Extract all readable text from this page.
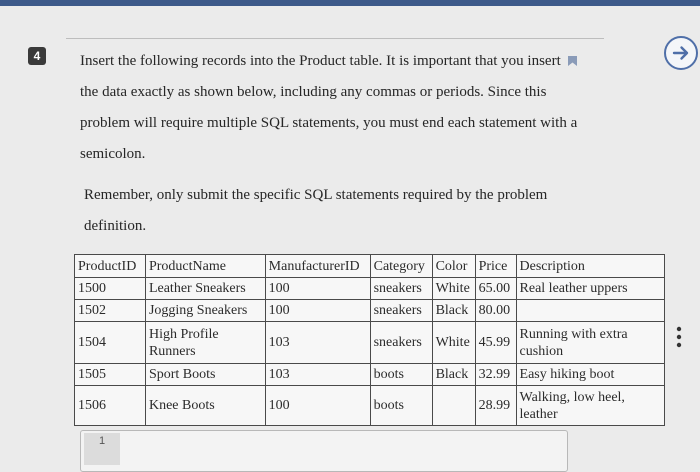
4	Insert the following records into the Product table. It is important that you insert the data exactly as shown below, including any commas or periods. Since this problem will require multiple SQL statements, you must end each statement with a semicolon.

Remember, only submit the specific SQL statements required by the problem definition.

ProductID	ProductName	ManufacturerID	Category	Color	Price	Description
1500	Leather Sneakers	100	sneakers	White	65.00	Real leather uppers
1502	Jogging Sneakers	100	sneakers	Black	80.00	
1504	High Profile Runners	103	sneakers	White	45.99	Running with extra cushion
1505	Sport Boots	103	boots	Black	32.99	Easy hiking boot
1506	Knee Boots	100	boots		28.99	Walking, low heel, leather
1
